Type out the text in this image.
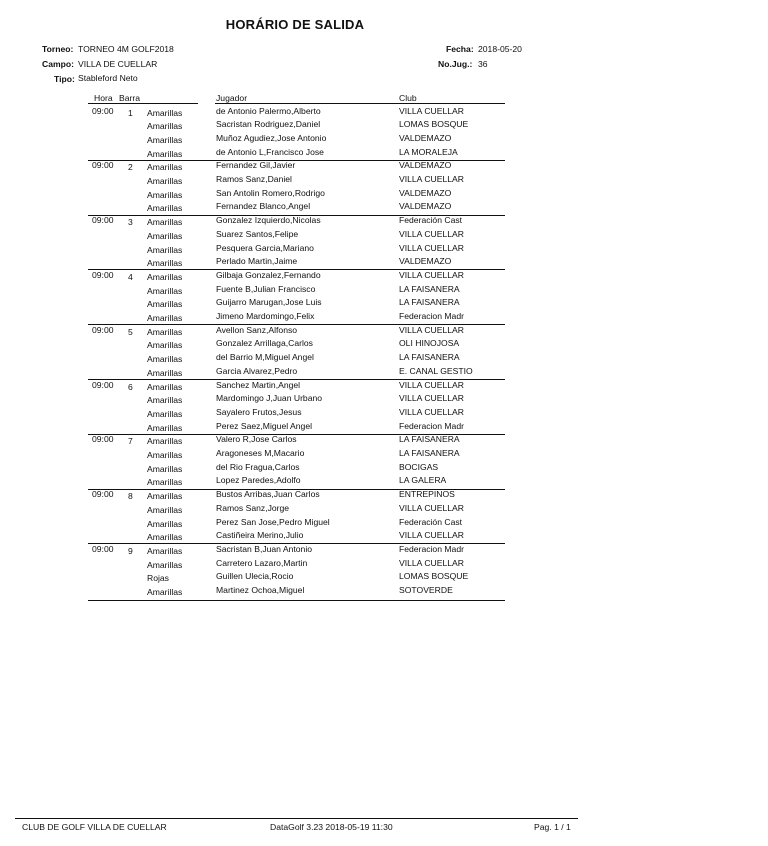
HORÁRIO DE SALIDA
Torneo: TORNEO 4M GOLF2018
Campo: VILLA DE CUELLAR
Tipo: Stableford Neto
Fecha: 2018-05-20
No.Jug.: 36
Hora Barra	Jugador	Club
09:00 1 Amarillas	de Antonio Palermo,Alberto	VILLA CUELLAR
Amarillas	Sacristan Rodriguez,Daniel	LOMAS BOSQUE
Amarillas	Muñoz Agudiez,Jose Antonio	VALDEMAZO
Amarillas	de Antonio L,Francisco Jose	LA MORALEJA
09:00 2 Amarillas	Fernandez Gil,Javier	VALDEMAZO
Amarillas	Ramos Sanz,Daniel	VILLA CUELLAR
Amarillas	San Antolin Romero,Rodrigo	VALDEMAZO
Amarillas	Fernandez Blanco,Angel	VALDEMAZO
09:00 3 Amarillas	Gonzalez Izquierdo,Nicolas	Federación Cast
Amarillas	Suarez Santos,Felipe	VILLA CUELLAR
Amarillas	Pesquera Garcia,Mariano	VILLA CUELLAR
Amarillas	Perlado Martin,Jaime	VALDEMAZO
09:00 4 Amarillas	Gilbaja Gonzalez,Fernando	VILLA CUELLAR
Amarillas	Fuente B,Julian Francisco	LA FAISANERA
Amarillas	Guijarro Marugan,Jose Luis	LA FAISANERA
Amarillas	Jimeno Mardomingo,Felix	Federacion Madr
09:00 5 Amarillas	Avellon Sanz,Alfonso	VILLA CUELLAR
Amarillas	Gonzalez Arrillaga,Carlos	OLI HINOJOSA
Amarillas	del Barrio M,Miguel Angel	LA FAISANERA
Amarillas	Garcia Alvarez,Pedro	E. CANAL GESTIO
09:00 6 Amarillas	Sanchez Martin,Angel	VILLA CUELLAR
Amarillas	Mardomingo J,Juan Urbano	VILLA CUELLAR
Amarillas	Sayalero Frutos,Jesus	VILLA CUELLAR
Amarillas	Perez Saez,Miguel Angel	Federacion Madr
09:00 7 Amarillas	Valero R,Jose Carlos	LA FAISANERA
Amarillas	Aragoneses M,Macario	LA FAISANERA
Amarillas	del Rio Fragua,Carlos	BOCIGAS
Amarillas	Lopez Paredes,Adolfo	LA GALERA
09:00 8 Amarillas	Bustos Arribas,Juan Carlos	ENTREPINOS
Amarillas	Ramos Sanz,Jorge	VILLA CUELLAR
Amarillas	Perez San Jose,Pedro Miguel	Federación Cast
Amarillas	Castiñeira Merino,Julio	VILLA CUELLAR
09:00 9 Amarillas	Sacristan B,Juan Antonio	Federacion Madr
Amarillas	Carretero Lazaro,Martin	VILLA CUELLAR
Rojas	Guillen Ulecia,Rocio	LOMAS BOSQUE
Amarillas	Martinez Ochoa,Miguel	SOTOVERDE
CLUB DE GOLF VILLA DE CUELLAR	DataGolf 3.23 2018-05-19 11:30	Pag. 1 / 1
